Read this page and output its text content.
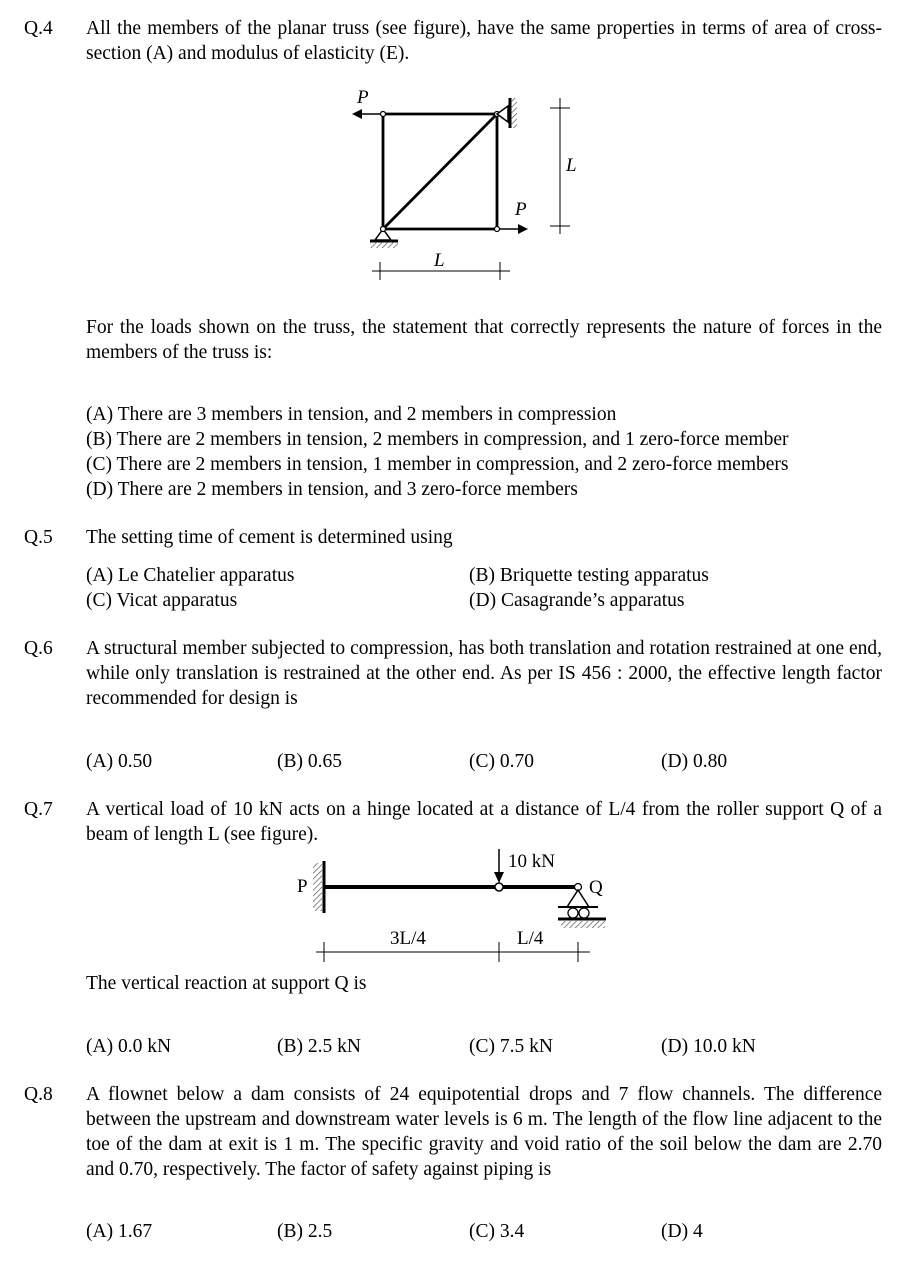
Q.4 All the members of the planar truss (see figure), have the same properties in terms of area of cross-section (A) and modulus of elasticity (E).
P
P
L
L
For the loads shown on the truss, the statement that correctly represents the nature of forces in the members of the truss is:
(A) There are 3 members in tension, and 2 members in compression
(B) There are 2 members in tension, 2 members in compression, and 1 zero-force member
(C) There are 2 members in tension, 1 member in compression, and 2 zero-force members
(D) There are 2 members in tension, and 3 zero-force members
Q.5 The setting time of cement is determined using
(A) Le Chatelier apparatus	(B) Briquette testing apparatus
(C) Vicat apparatus	(D) Casagrande’s apparatus
Q.6 A structural member subjected to compression, has both translation and rotation restrained at one end, while only translation is restrained at the other end. As per IS 456 : 2000, the effective length factor recommended for design is
(A) 0.50	(B) 0.65	(C) 0.70	(D) 0.80
Q.7 A vertical load of 10 kN acts on a hinge located at a distance of L/4 from the roller support Q of a beam of length L (see figure).
P
10 kN
Q
3L/4	L/4
The vertical reaction at support Q is
(A) 0.0 kN	(B) 2.5 kN	(C) 7.5 kN	(D) 10.0 kN
Q.8 A flownet below a dam consists of 24 equipotential drops and 7 flow channels. The difference between the upstream and downstream water levels is 6 m. The length of the flow line adjacent to the toe of the dam at exit is 1 m. The specific gravity and void ratio of the soil below the dam are 2.70 and 0.70, respectively. The factor of safety against piping is
(A) 1.67	(B) 2.5	(C) 3.4	(D) 4
